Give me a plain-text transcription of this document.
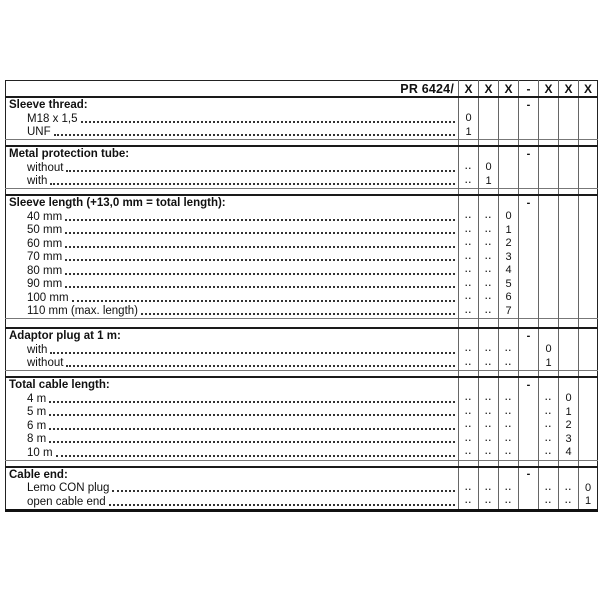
PR 6424/	X	X	X	-	X	X	X
Sleeve thread:				-			

M18 x 1,5	0						

UNF	1						

Metal protection tube:				-			

without	..	0					

with	..	1					

Sleeve length (+13,0 mm = total length):				-			

40 mm	..	..	0				

50 mm	..	..	1				

60 mm	..	..	2				

70 mm	..	..	3				

80 mm	..	..	4				

90 mm	..	..	5				

100 mm	..	..	6				

110 mm (max. length)	..	..	7				

Adaptor plug at 1 m:				-			

with	..	..	..		0		

without	..	..	..		1		

Total cable length:				-			

4 m	..	..	..		..	0	

5 m	..	..	..		..	1	

6 m	..	..	..		..	2	

8 m	..	..	..		..	3	

10 m	..	..	..		..	4	

Cable end:				-			

Lemo CON plug	..	..	..		..	..	0

open cable end	..	..	..		..	..	1
